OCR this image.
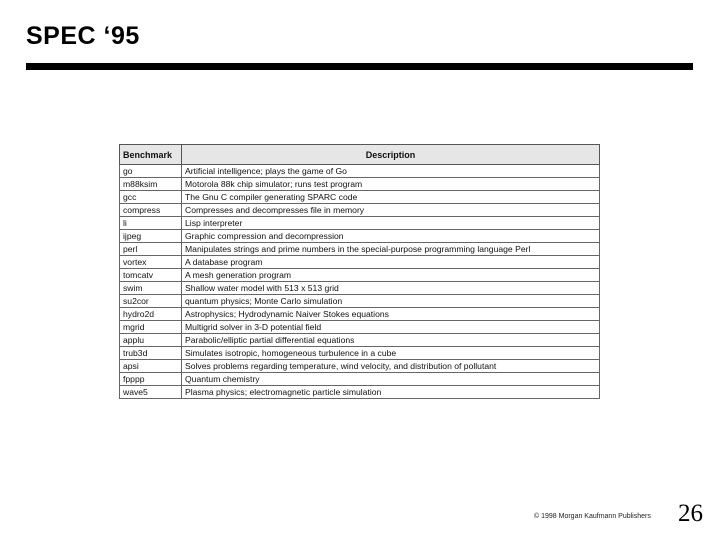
SPEC ‘95
Benchmark	Description
go	Artificial intelligence; plays the game of Go
m88ksim	Motorola 88k chip simulator; runs test program
gcc	The Gnu C compiler generating SPARC code
compress	Compresses and decompresses file in memory
li	Lisp interpreter
ijpeg	Graphic compression and decompression
perl	Manipulates strings and prime numbers in the special-purpose programming language Perl
vortex	A database program
tomcatv	A mesh generation program
swim	Shallow water model with 513 x 513 grid
su2cor	quantum physics; Monte Carlo simulation
hydro2d	Astrophysics; Hydrodynamic Naiver Stokes equations
mgrid	Multigrid solver in 3-D potential field
applu	Parabolic/elliptic partial differential equations
trub3d	Simulates isotropic, homogeneous turbulence in a cube
apsi	Solves problems regarding temperature, wind velocity, and distribution of pollutant
fpppp	Quantum chemistry
wave5	Plasma physics; electromagnetic particle simulation
© 1998 Morgan Kaufmann Publishers 26
